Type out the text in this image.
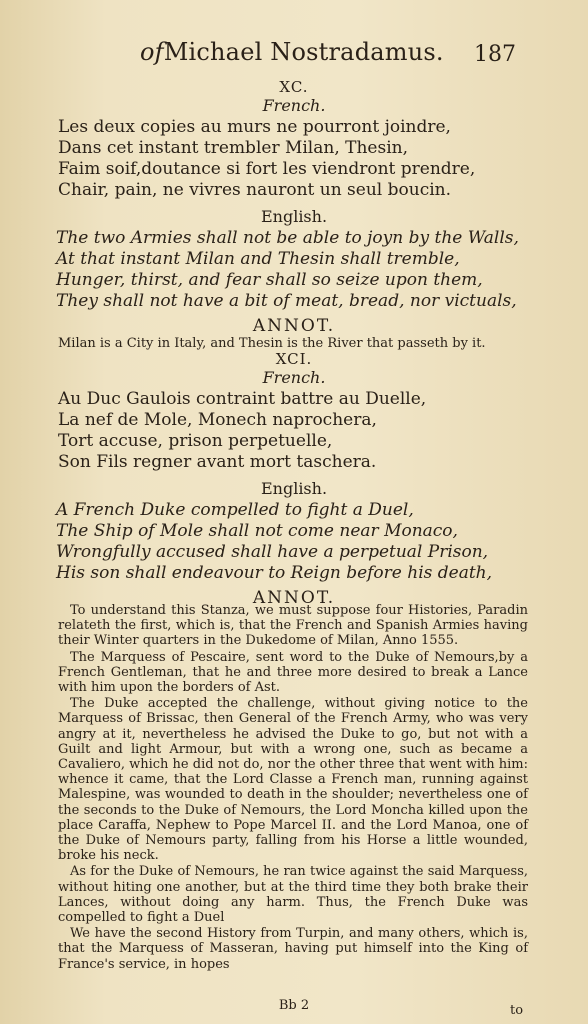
ofMichael Nostradamus. 187
XC.
French.
Les deux copies au murs ne pourront joindre,
Dans cet instant trembler Milan, Thesin,
Faim soif,doutance si fort les viendront prendre,
Chair, pain, ne vivres nauront un seul boucin.
English.
The two Armies shall not be able to joyn by the Walls,
At that instant Milan and Thesin shall tremble,
Hunger, thirst, and fear shall so seize upon them,
They shall not have a bit of meat, bread, nor victuals,
ANNOT.
Milan is a City in Italy, and Thesin is the River that passeth by it.
XCI.
French.
Au Duc Gaulois contraint battre au Duelle,
La nef de Mole, Monech naprochera,
Tort accuse, prison perpetuelle,
Son Fils regner avant mort taschera.
English.
A French Duke compelled to fight a Duel,
The Ship of Mole shall not come near Monaco,
Wrongfully accused shall have a perpetual Prison,
His son shall endeavour to Reign before his death,
ANNOT.

To understand this Stanza, we must suppose four Histories, Paradin relateth the first, which is, that the French and Spanish Armies having their Winter quarters in the Dukedome of Milan, Anno 1555.

The Marquess of Pescaire, sent word to the Duke of Nemours,by a French Gentleman, that he and three more desired to break a Lance with him upon the borders of Ast.

The Duke accepted the challenge, without giving notice to the Marquess of Brissac, then General of the French Army, who was very angry at it, nevertheless he advised the Duke to go, but not with a Guilt and light Armour, but with a wrong one, such as became a Cavaliero, which he did not do, nor the other three that went with him: whence it came, that the Lord Classe a French man, running against Malespine, was wounded to death in the shoulder; nevertheless one of the seconds to the Duke of Nemours, the Lord Moncha killed upon the place Caraffa, Nephew to Pope Marcel II. and the Lord Manoa, one of the Duke of Nemours party, falling from his Horse a little wounded, broke his neck.

As for the Duke of Nemours, he ran twice against the said Marquess, without hiting one another, but at the third time they both brake their Lances, without doing any harm. Thus, the French Duke was compelled to fight a Duel

We have the second History from Turpin, and many others, which is, that the Marquess of Masseran, having put himself into the King of France's service, in hopes

Bb 2	to
